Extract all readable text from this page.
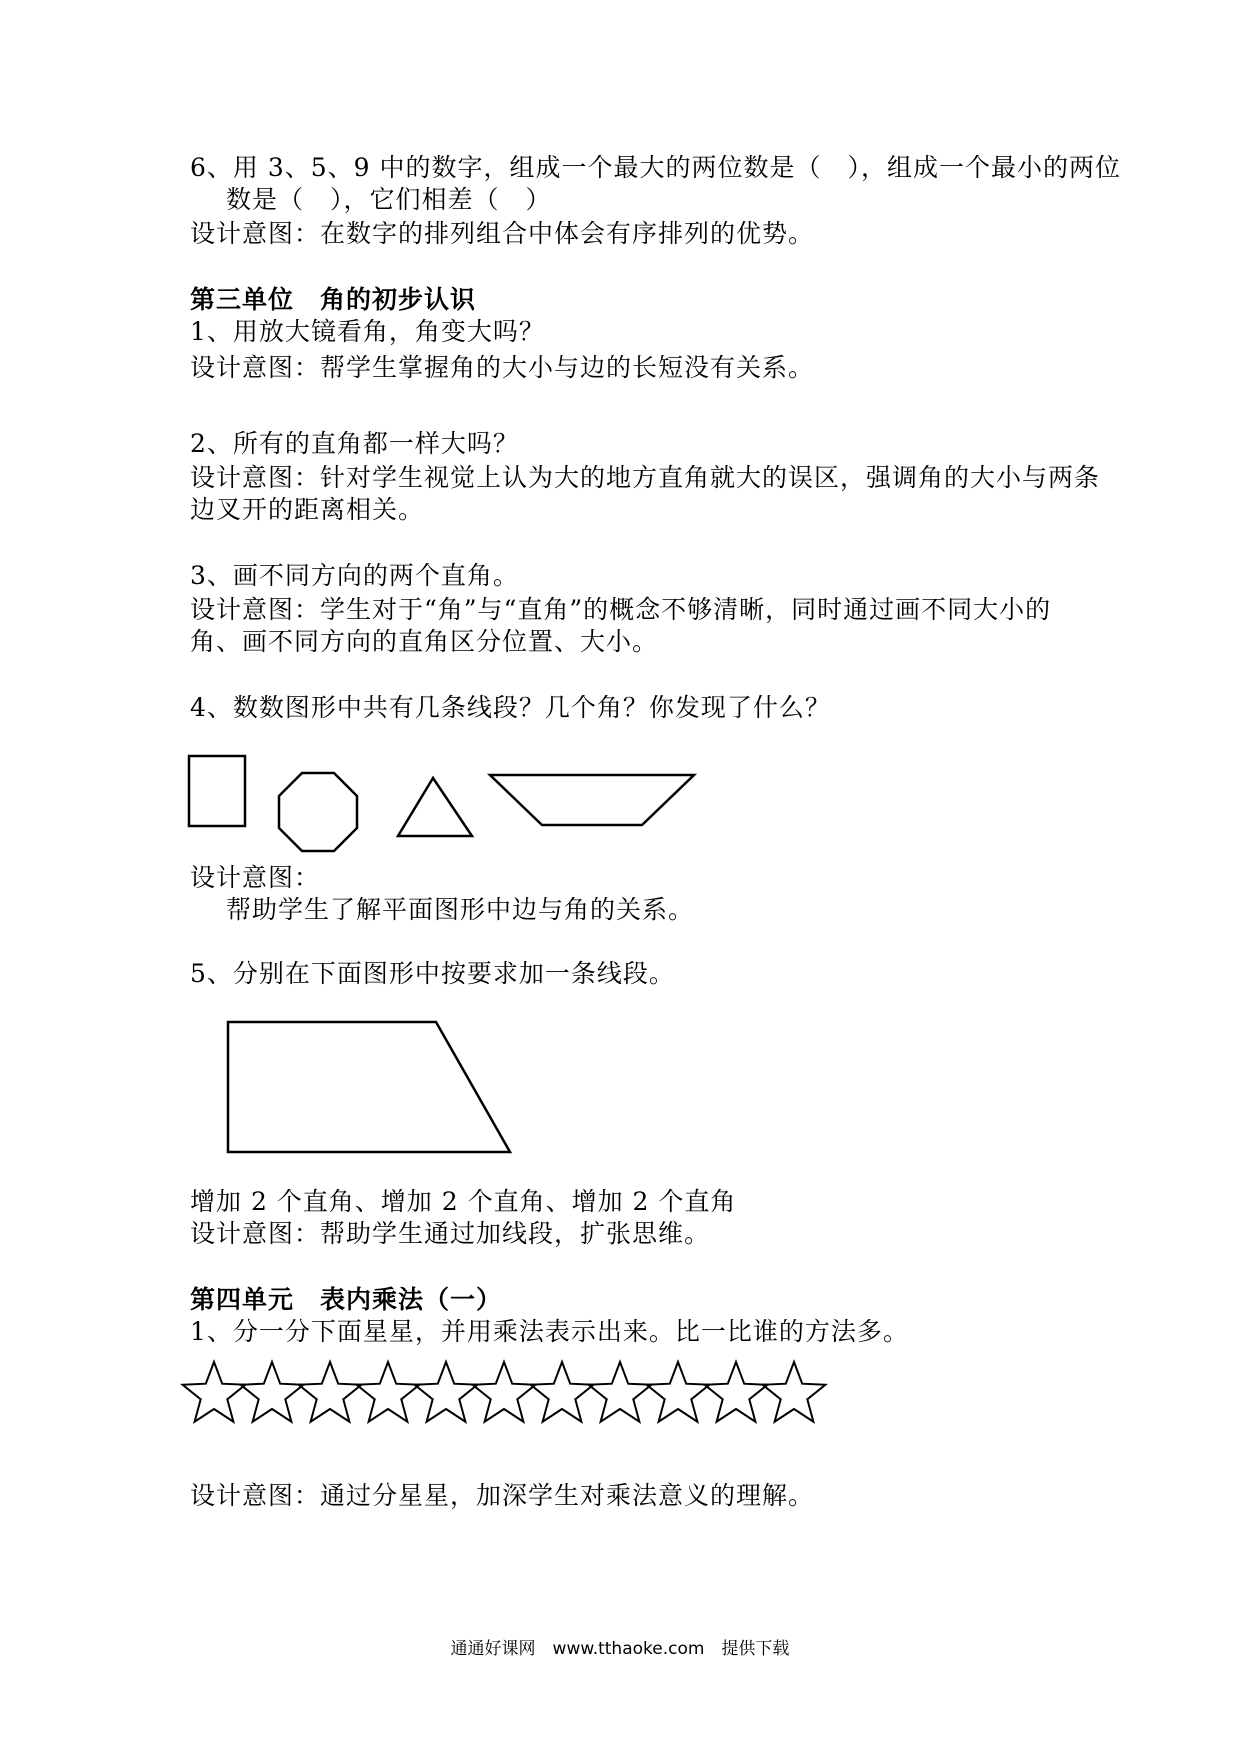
6、用 3、5、9 中的数字，组成一个最大的两位数是（　），组成一个最小的两位
数是（　），它们相差（　）
设计意图：在数字的排列组合中体会有序排列的优势。
第三单位　角的初步认识
1、用放大镜看角，角变大吗？
设计意图：帮学生掌握角的大小与边的长短没有关系。
2、所有的直角都一样大吗？
设计意图：针对学生视觉上认为大的地方直角就大的误区，强调角的大小与两条
边叉开的距离相关。
3、画不同方向的两个直角。
设计意图：学生对于“角”与“直角”的概念不够清晰，同时通过画不同大小的
角、画不同方向的直角区分位置、大小。
4、数数图形中共有几条线段？几个角？你发现了什么？
设计意图：
帮助学生了解平面图形中边与角的关系。
5、分别在下面图形中按要求加一条线段。
增加 2 个直角、增加 2 个直角、增加 2 个直角
设计意图：帮助学生通过加线段，扩张思维。
第四单元　表内乘法（一）
1、分一分下面星星，并用乘法表示出来。比一比谁的方法多。
设计意图：通过分星星，加深学生对乘法意义的理解。
通通好课网　www.tthaoke.com　提供下载
